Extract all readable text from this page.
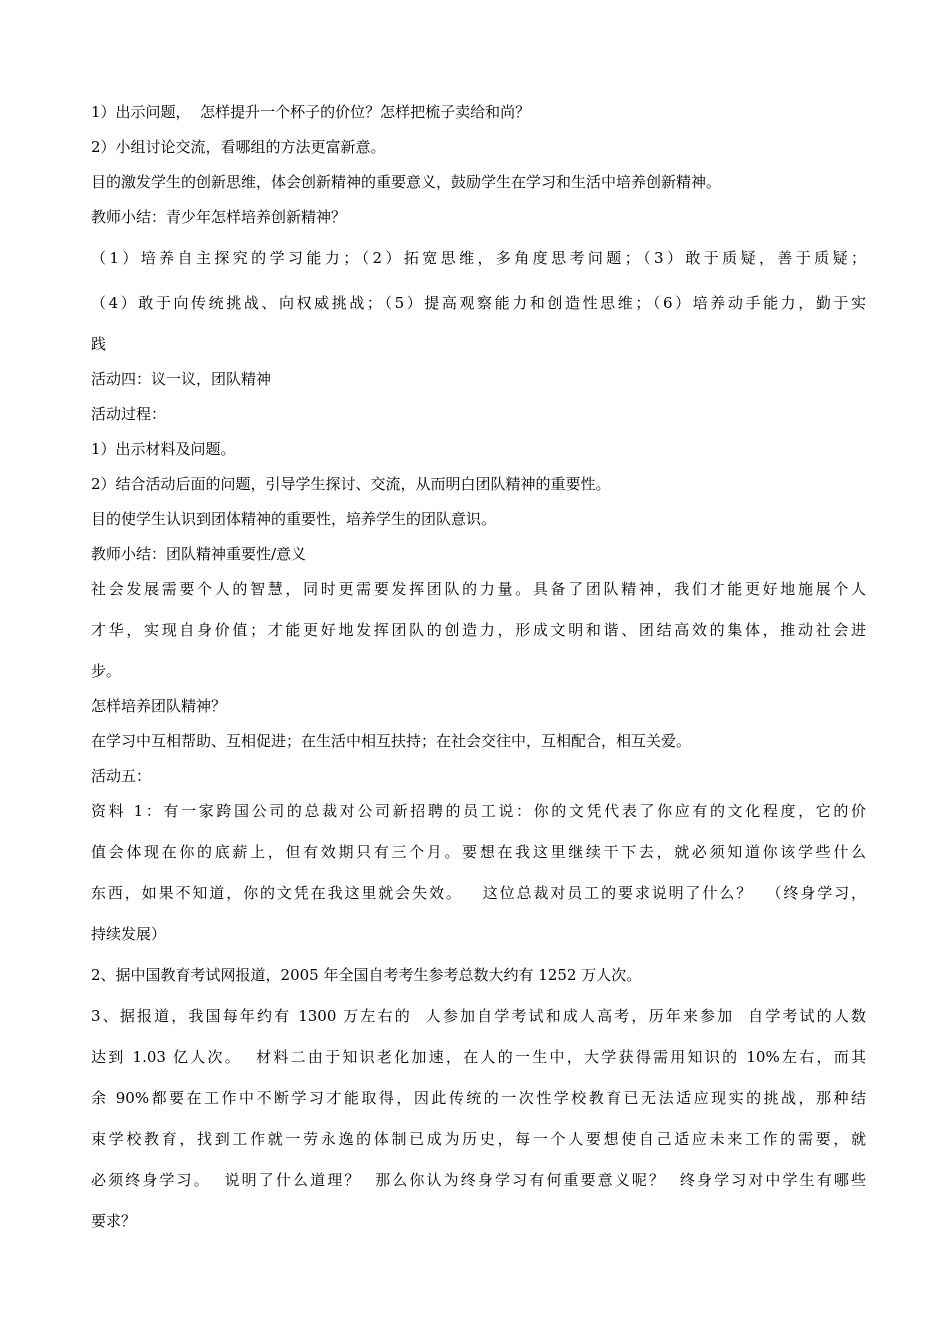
1）出示问题，  怎样提升一个杯子的价位？怎样把梳子卖给和尚？

2）小组讨论交流，看哪组的方法更富新意。

目的激发学生的创新思维，体会创新精神的重要意义，鼓励学生在学习和生活中培养创新精神。

教师小结：青少年怎样培养创新精神？

（1）培养自主探究的学习能力；（2）拓宽思维，多角度思考问题；（3）敢于质疑，善于质疑；

（4）敢于向传统挑战、向权威挑战；（5）提高观察能力和创造性思维；（6）培养动手能力，勤于实

践

活动四：议一议，团队精神

活动过程：

1）出示材料及问题。

2）结合活动后面的问题，引导学生探讨、交流，从而明白团队精神的重要性。

目的使学生认识到团体精神的重要性，培养学生的团队意识。

教师小结：团队精神重要性/意义

社会发展需要个人的智慧，同时更需要发挥团队的力量。具备了团队精神，我们才能更好地施展个人

才华，实现自身价值；才能更好地发挥团队的创造力，形成文明和谐、团结高效的集体，推动社会进

步。

怎样培养团队精神？

在学习中互相帮助、互相促进；在生活中相互扶持；在社会交往中，互相配合，相互关爱。

活动五：

资料 1：有一家跨国公司的总裁对公司新招聘的员工说：你的文凭代表了你应有的文化程度，它的价

值会体现在你的底薪上，但有效期只有三个月。要想在我这里继续干下去，就必须知道你该学些什么

东西，如果不知道，你的文凭在我这里就会失效。   这位总裁对员工的要求说明了什么？  （终身学习，

持续发展）

2、据中国教育考试网报道，2005 年全国自考考生参考总数大约有 1252 万人次。

3、据报道，我国每年约有 1300 万左右的  人参加自学考试和成人高考，历年来参加  自学考试的人数

达到 1.03 亿人次。  材料二由于知识老化加速，在人的一生中，大学获得需用知识的 10%左右，而其

余 90%都要在工作中不断学习才能取得，因此传统的一次性学校教育已无法适应现实的挑战，那种结

束学校教育，找到工作就一劳永逸的体制已成为历史，每一个人要想使自己适应未来工作的需要，就

必须终身学习。  说明了什么道理？  那么你认为终身学习有何重要意义呢？  终身学习对中学生有哪些

要求？
